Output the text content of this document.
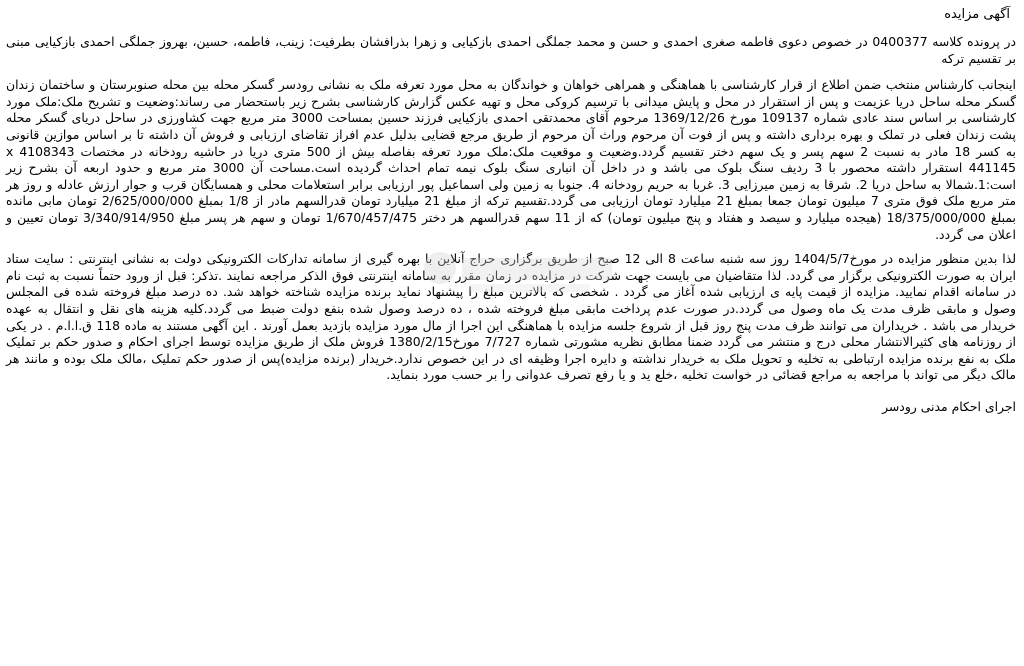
آگهی مزایده
در پرونده کلاسه 0400377 در خصوص دعوی فاطمه صغری احمدی و حسن و محمد جملگی احمدی بازکیایی و زهرا بذرافشان بطرفیت: زینب، فاطمه، حسین، بهروز جملگی احمدی بازکیایی مبنی بر تقسیم ترکه
اینجانب کارشناس منتخب ضمن اطلاع از قرار کارشناسی با هماهنگی و همراهی خواهان و خواندگان به محل مورد تعرفه ملک به نشانی رودسر گسکر محله بین محله صنوبرستان و ساختمان زندان گسکر محله ساحل دریا عزیمت و پس از استقرار در محل و پایش میدانی با ترسیم کروکی محل و تهیه عکس گزارش کارشناسی بشرح زیر باستحضار می رساند:وضعیت و تشریح ملک:ملک مورد کارشناسی بر اساس سند عادی شماره 109137 مورخ 1369/12/26 مرحوم آقای محمدتقی احمدی بازکیایی فرزند حسین بمساحت 3000 متر مربع جهت کشاورزی در ساحل دریای گسکر محله پشت زندان فعلی در تملک و بهره برداری داشته و پس از فوت آن مرحوم وراث آن مرحوم از طریق مرجع قضایی بدلیل عدم افراز تقاضای ارزیابی و فروش آن داشته تا بر اساس موازین قانونی به کسر 18 مادر به نسبت 2 سهم پسر و یک سهم دختر تقسیم گردد.وضعیت و موقعیت ملک:ملک مورد تعرفه بفاصله بیش از 500 متری دریا در حاشیه رودخانه در مختصات 4108343 x 441145 استقرار داشته محصور با 3 ردیف سنگ بلوک می باشد و در داخل آن انباری سنگ بلوک نیمه تمام احداث گردیده است.مساحت آن 3000 متر مربع و حدود اربعه آن بشرح زیر است:1.شمالا به ساحل دریا 2. شرقا به زمین میرزایی 3. غربا به حریم رودخانه 4. جنوبا به زمین ولی اسماعیل پور ارزیابی برابر استعلامات محلی و همسایگان قرب و جوار ارزش عادله و روز هر متر مربع ملک فوق متری 7 میلیون تومان جمعا بمبلغ 21 میلیارد تومان ارزیابی می گردد.تقسیم ترکه از مبلغ 21 میلیارد تومان قدرالسهم مادر از 1/8 بمبلغ 2/625/000/000 تومان مابی مانده بمبلغ 18/375/000/000 (هیجده میلیارد و سیصد و هفتاد و پنج میلیون تومان) که از 11 سهم قدرالسهم هر دختر 1/670/457/475 تومان و سهم هر پسر مبلغ 3/340/914/950 تومان تعیین و اعلان می گردد.
لذا بدین منظور مزایده در مورخ1404/5/7 روز سه شنبه ساعت 8 الی 12 صبح از طریق برگزاری حراج آنلاین با بهره گیری از سامانه تدارکات الکترونیکی دولت به نشانی اینترنتی : سایت ستاد ایران به صورت الکترونیکی برگزار می گردد. لذا متقاضیان می بایست جهت شرکت در مزایده در زمان مقرر به سامانه اینترنتی فوق الذکر مراجعه نمایند .تذکر: قبل از ورود حتماً نسبت به ثبت نام در سامانه اقدام نمایید. مزایده از قیمت پایه ی ارزیابی شده آغاز می گردد . شخصی که بالاترین مبلغ را پیشنهاد نماید برنده مزایده شناخته خواهد شد. ده درصد مبلغ فروخته شده فی المجلس وصول و مابقی ظرف مدت یک ماه وصول می گردد.در صورت عدم پرداخت مابقی مبلغ فروخته شده ، ده درصد وصول شده بنفع دولت ضبط می گردد.کلیه هزینه های نقل و انتقال به عهده خریدار می باشد . خریداران می توانند ظرف مدت پنج روز قبل از شروع جلسه مزایده با هماهنگی این اجرا از مال مورد مزایده بازدید بعمل آورند . این آگهی مستند به ماده 118 ق.ا.ا.م . در یکی از روزنامه های کثیرالانتشار محلی درج و منتشر می گردد ضمنا مطابق نظریه مشورتی شماره 7/727 مورخ1380/2/15 فروش ملک از طریق مزایده توسط اجرای احکام و صدور حکم بر تملیک ملک به نفع برنده مزایده ارتباطی به تخلیه و تحویل ملک به خریدار نداشته و دایره اجرا وظیفه ای در این خصوص ندارد.خریدار (برنده مزایده)پس از صدور حکم تملیک ،مالک ملک بوده و مانند هر مالک دیگر می تواند با مراجعه به مراجع قضائی در خواست تخلیه ،خلع ید و یا رفع تصرف عدوانی را بر حسب مورد بنماید.
اجرای احکام مدنی رودسر
